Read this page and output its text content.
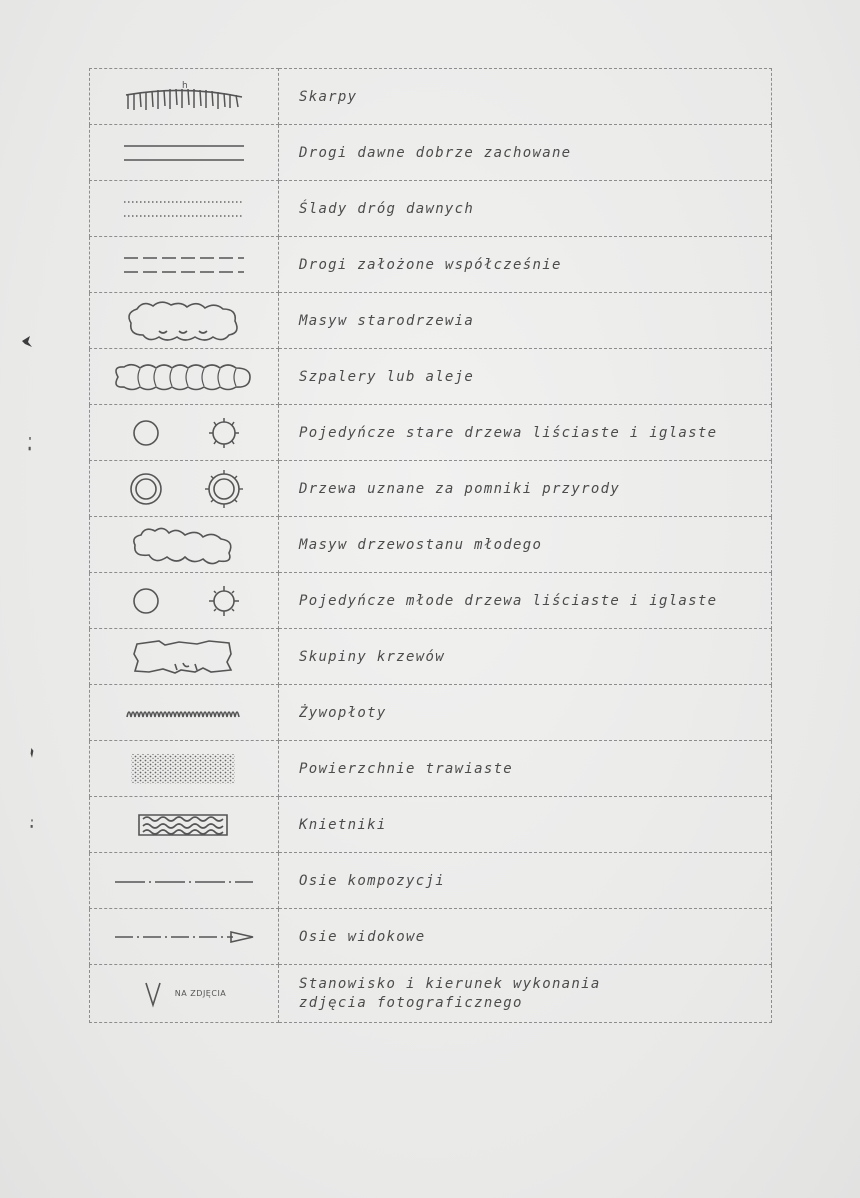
h	Skarpy
	Drogi dawne dobrze zachowane
	Ślady dróg dawnych
	Drogi założone współcześnie
	Masyw starodrzewia
	Szpalery lub aleje
	Pojedyńcze stare drzewa liściaste i iglaste
	Drzewa uznane za pomniki przyrody
	Masyw drzewostanu młodego
	Pojedyńcze młode drzewa liściaste i iglaste
	Skupiny krzewów
	Żywopłoty
	Powierzchnie trawiaste
	Knietniki
	Osie kompozycji
	Osie widokowe
NA ZDJĘCIA	Stanowisko i kierunek wykonania
zdjęcia fotograficznego
